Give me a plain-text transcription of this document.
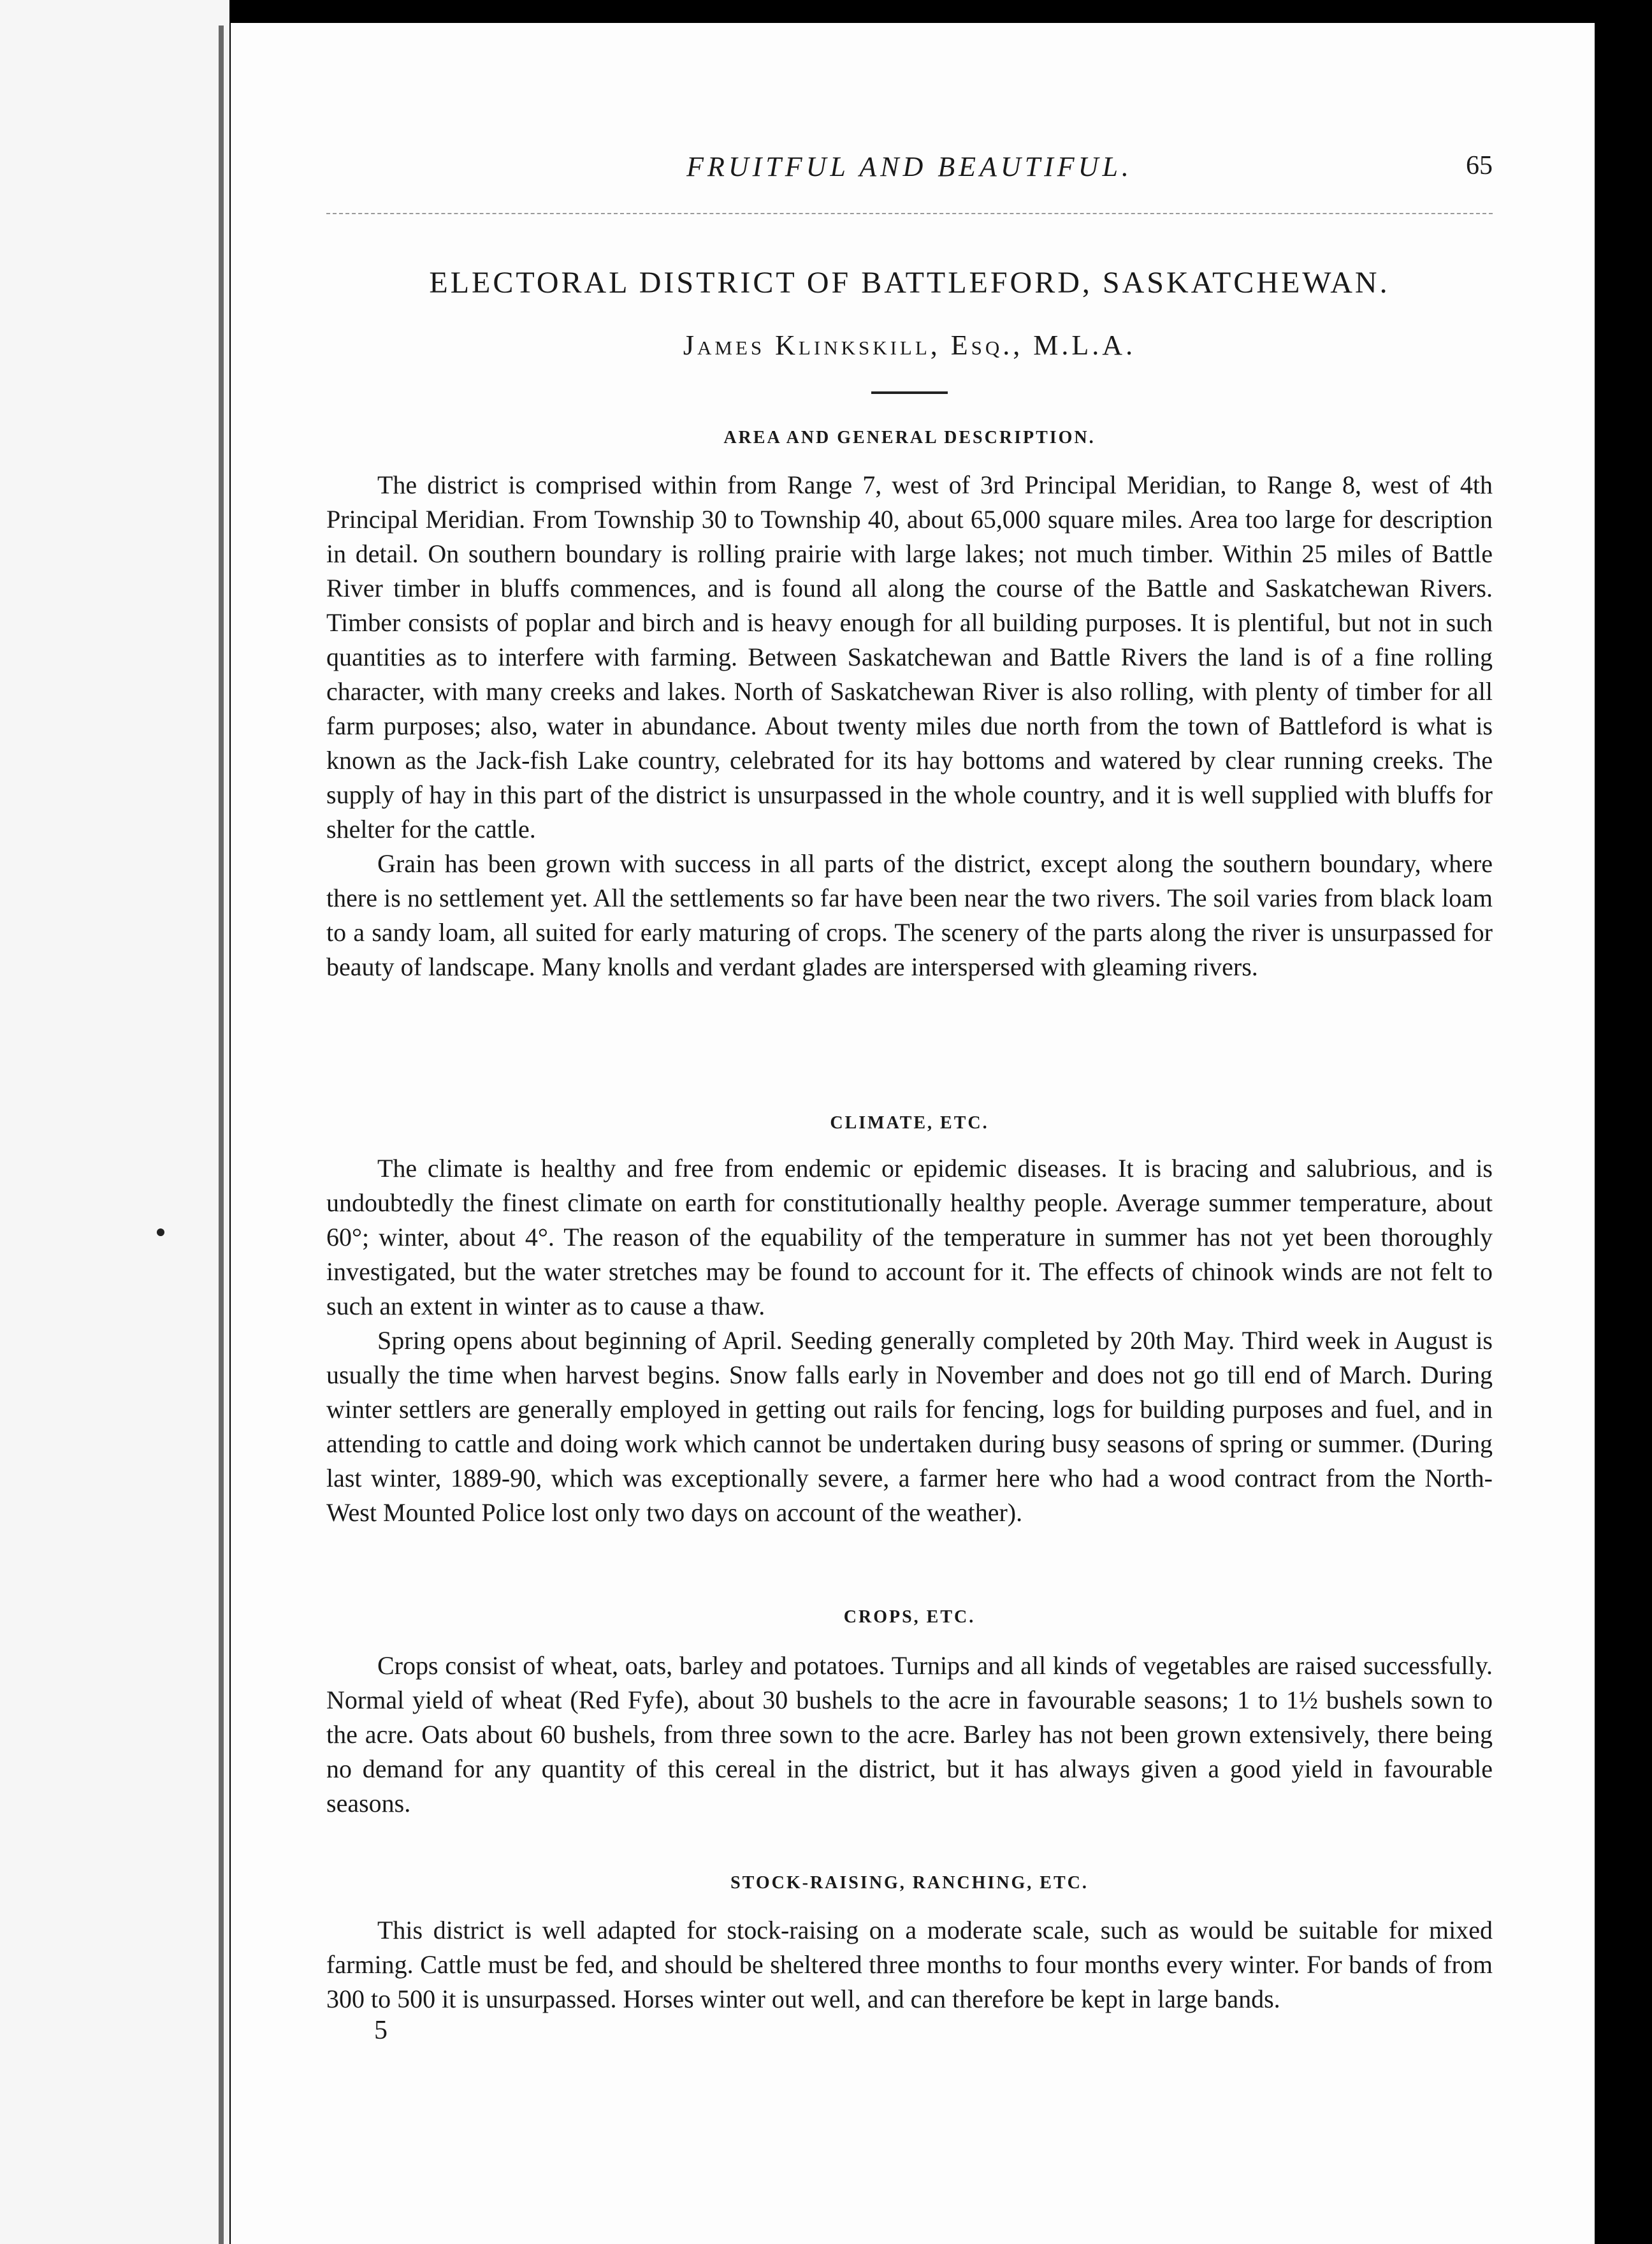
FRUITFUL AND BEAUTIFUL.	65
ELECTORAL DISTRICT OF BATTLEFORD, SASKATCHEWAN.
James Klinkskill, Esq., M.L.A.
AREA AND GENERAL DESCRIPTION.

The district is comprised within from Range 7, west of 3rd Principal Meridian, to Range 8, west of 4th Principal Meridian. From Township 30 to Township 40, about 65,000 square miles. Area too large for description in detail. On southern boundary is rolling prairie with large lakes; not much timber. Within 25 miles of Battle River timber in bluffs commences, and is found all along the course of the Battle and Saskatchewan Rivers. Timber consists of poplar and birch and is heavy enough for all building purposes. It is plentiful, but not in such quantities as to interfere with farming. Between Saskatchewan and Battle Rivers the land is of a fine rolling character, with many creeks and lakes. North of Saskatchewan River is also rolling, with plenty of timber for all farm purposes; also, water in abundance. About twenty miles due north from the town of Battleford is what is known as the Jack-fish Lake country, celebrated for its hay bottoms and watered by clear running creeks. The supply of hay in this part of the district is unsurpassed in the whole country, and it is well supplied with bluffs for shelter for the cattle.

Grain has been grown with success in all parts of the district, except along the southern boundary, where there is no settlement yet. All the settlements so far have been near the two rivers. The soil varies from black loam to a sandy loam, all suited for early maturing of crops. The scenery of the parts along the river is unsurpassed for beauty of landscape. Many knolls and verdant glades are interspersed with gleaming rivers.

CLIMATE, ETC.

The climate is healthy and free from endemic or epidemic diseases. It is bracing and salubrious, and is undoubtedly the finest climate on earth for constitutionally healthy people. Average summer temperature, about 60°; winter, about 4°. The reason of the equability of the temperature in summer has not yet been thoroughly investigated, but the water stretches may be found to account for it. The effects of chinook winds are not felt to such an extent in winter as to cause a thaw.

Spring opens about beginning of April. Seeding generally completed by 20th May. Third week in August is usually the time when harvest begins. Snow falls early in November and does not go till end of March. During winter settlers are generally employed in getting out rails for fencing, logs for building purposes and fuel, and in attending to cattle and doing work which cannot be undertaken during busy seasons of spring or summer. (During last winter, 1889-90, which was exceptionally severe, a farmer here who had a wood contract from the North-West Mounted Police lost only two days on account of the weather).

CROPS, ETC.

Crops consist of wheat, oats, barley and potatoes. Turnips and all kinds of vegetables are raised successfully. Normal yield of wheat (Red Fyfe), about 30 bushels to the acre in favourable seasons; 1 to 1½ bushels sown to the acre. Oats about 60 bushels, from three sown to the acre. Barley has not been grown extensively, there being no demand for any quantity of this cereal in the district, but it has always given a good yield in favourable seasons.

STOCK-RAISING, RANCHING, ETC.

This district is well adapted for stock-raising on a moderate scale, such as would be suitable for mixed farming. Cattle must be fed, and should be sheltered three months to four months every winter. For bands of from 300 to 500 it is unsurpassed. Horses winter out well, and can therefore be kept in large bands.

5
